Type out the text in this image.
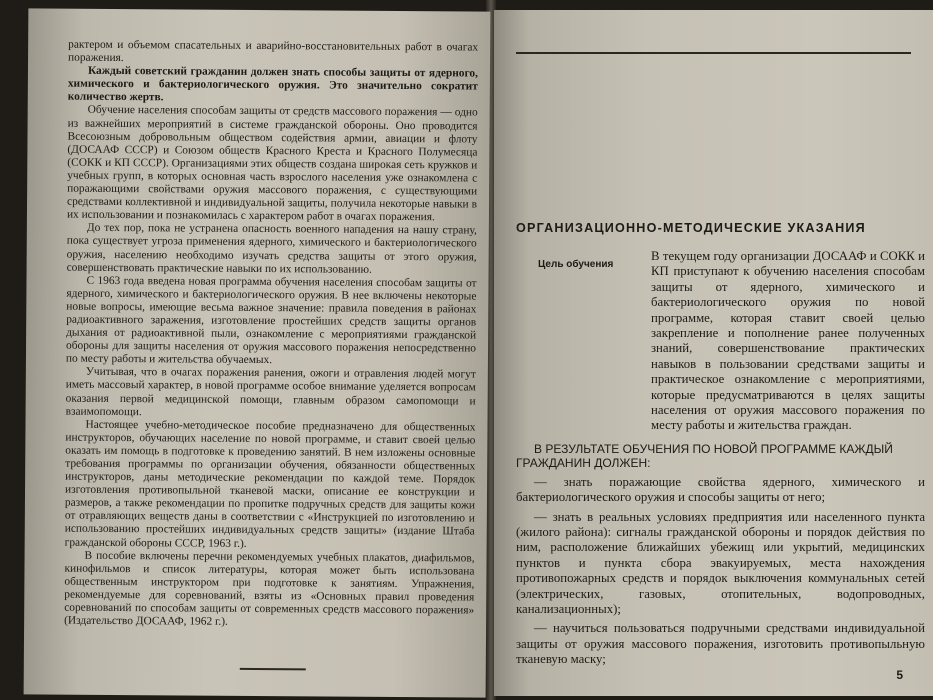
рактером и объемом спасательных и аварийно-восстановительных работ в очагах поражения.

Каждый советский гражданин должен знать способы защиты от ядерного, химического и бактериологического оружия. Это значительно сократит количество жертв.

Обучение населения способам защиты от средств массового поражения — одно из важнейших мероприятий в системе гражданской обороны. Оно проводится Всесоюзным добровольным обществом содействия армии, авиации и флоту (ДОСААФ СССР) и Союзом обществ Красного Креста и Красного Полумесяца (СОКК и КП СССР). Организациями этих обществ создана широкая сеть кружков и учебных групп, в которых основная часть взрослого населения уже ознакомлена с поражающими свойствами оружия массового поражения, с существующими средствами коллективной и индивидуальной защиты, получила некоторые навыки в их использовании и познакомилась с характером работ в очагах поражения.

До тех пор, пока не устранена опасность военного нападения на нашу страну, пока существует угроза применения ядерного, химического и бактериологического оружия, населению необходимо изучать средства защиты от этого оружия, совершенствовать практические навыки по их использованию.

С 1963 года введена новая программа обучения населения способам защиты от ядерного, химического и бактериологического оружия. В нее включены некоторые новые вопросы, имеющие весьма важное значение: правила поведения в районах радиоактивного заражения, изготовление простейших средств защиты органов дыхания от радиоактивной пыли, ознакомление с мероприятиями гражданской обороны для защиты населения от оружия массового поражения непосредственно по месту работы и жительства обучаемых.

Учитывая, что в очагах поражения ранения, ожоги и отравления людей могут иметь массовый характер, в новой программе особое внимание уделяется вопросам оказания первой медицинской помощи, главным образом самопомощи и взаимопомощи.

Настоящее учебно-методическое пособие предназначено для общественных инструкторов, обучающих население по новой программе, и ставит своей целью оказать им помощь в подготовке к проведению занятий. В нем изложены основные требования программы по организации обучения, обязанности общественных инструкторов, даны методические рекомендации по каждой теме. Порядок изготовления противопыльной тканевой маски, описание ее конструкции и размеров, а также рекомендации по пропитке подручных средств для защиты кожи от отравляющих веществ даны в соответствии с «Инструкцией по изготовлению и использованию простейших индивидуальных средств защиты» (издание Штаба гражданской обороны СССР, 1963 г.).

В пособие включены перечни рекомендуемых учебных плакатов, диафильмов, кинофильмов и список литературы, которая может быть использована общественным инструктором при подготовке к занятиям. Упражнения, рекомендуемые для соревнований, взяты из «Основных правил проведения соревнований по способам защиты от современных средств массового поражения» (Издательство ДОСААФ, 1962 г.).

ОРГАНИЗАЦИОННО-МЕТОДИЧЕСКИЕ УКАЗАНИЯ
Цель обучения

В текущем году организации ДОСААФ и СОКК и КП приступают к обучению населения способам защиты от ядерного, химического и бактериологического оружия по новой программе, которая ставит своей целью закрепление и пополнение ранее полученных знаний, совершенствование практических навыков в пользовании средствами защиты и практическое ознакомление с мероприятиями, которые предусматриваются в целях защиты населения от оружия массового поражения по месту работы и жительства граждан.

В РЕЗУЛЬТАТЕ ОБУЧЕНИЯ ПО НОВОЙ ПРОГРАММЕ КАЖДЫЙ ГРАЖДАНИН ДОЛЖЕН:

— знать поражающие свойства ядерного, химического и бактериологического оружия и способы защиты от него;

— знать в реальных условиях предприятия или населенного пункта (жилого района): сигналы гражданской обороны и порядок действия по ним, расположение ближайших убежищ или укрытий, медицинских пунктов и пункта сбора эвакуируемых, места нахождения противопожарных средств и порядок выключения коммунальных сетей (электрических, газовых, отопительных, водопроводных, канализационных);

— научиться пользоваться подручными средствами индивидуальной защиты от оружия массового поражения, изготовить противопыльную тканевую маску;

5
